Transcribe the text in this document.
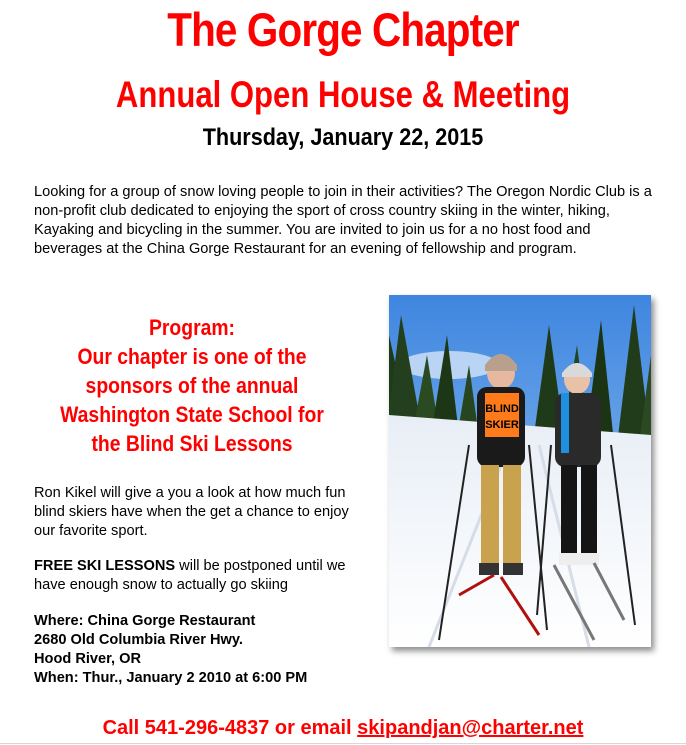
The Gorge Chapter
Annual Open House & Meeting
Thursday, January 22, 2015

Looking for a group of snow loving people to join in their activities? The Oregon Nordic Club is a non-profit club dedicated to enjoying the sport of cross country skiing in the winter, hiking, Kayaking and bicycling in the summer. You are invited to join us for a no host food and beverages at the China Gorge Restaurant for an evening of fellowship and program.

Program:
Our chapter is one of the
sponsors of the annual
Washington State School for
the Blind Ski Lessons

Ron Kikel will give a you a look at how much fun blind skiers have when the get a chance to enjoy our favorite sport.

FREE SKI LESSONS will be postponed until we have enough snow to actually go skiing

Where: China Gorge Restaurant
2680 Old Columbia River Hwy.
Hood River, OR
When: Thur., January 2 2010 at 6:00 PM
BLIND
SKIER
Call 541-296-4837 or email skipandjan@charter.net
